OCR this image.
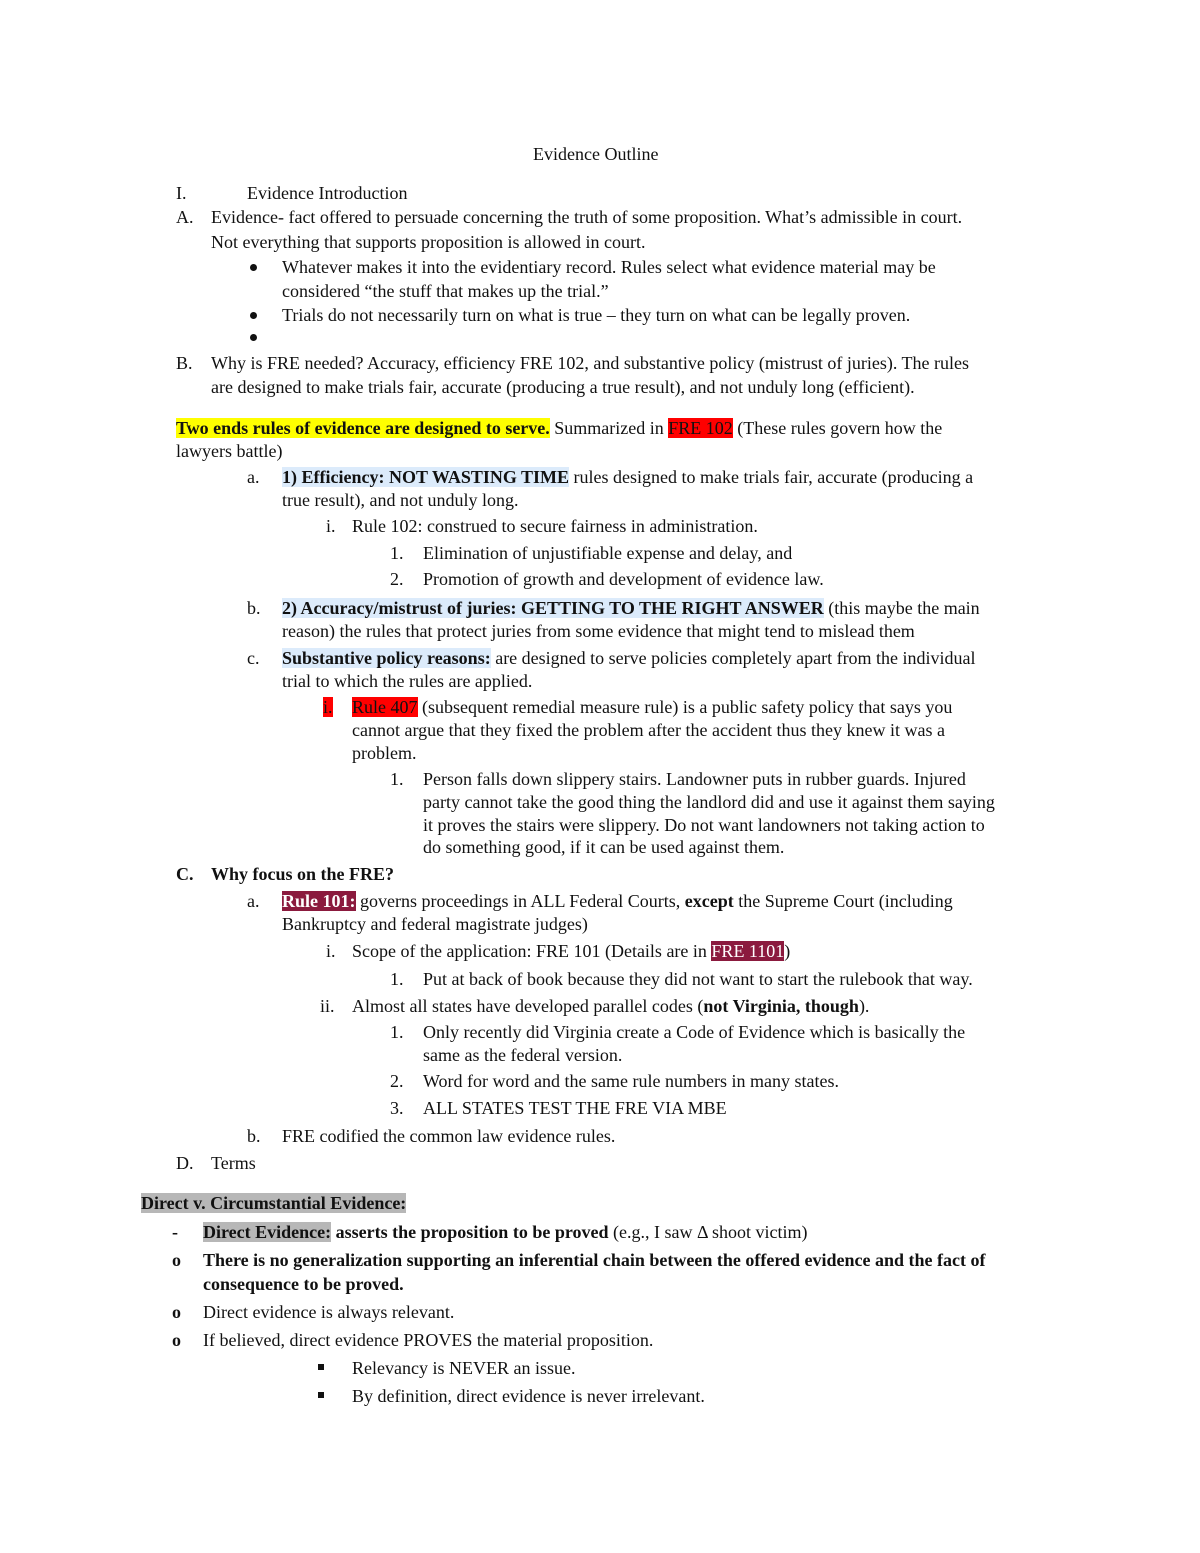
Evidence Outline
I.	Evidence Introduction
A. Evidence- fact offered to persuade concerning the truth of some proposition. What’s admissible in court.
Not everything that supports proposition is allowed in court.
Whatever makes it into the evidentiary record. Rules select what evidence material may be
considered “the stuff that makes up the trial.”
Trials do not necessarily turn on what is true – they turn on what can be legally proven.
B. Why is FRE needed? Accuracy, efficiency FRE 102, and substantive policy (mistrust of juries). The rules
are designed to make trials fair, accurate (producing a true result), and not unduly long (efficient).
Two ends rules of evidence are designed to serve. Summarized in FRE 102 (These rules govern how the
lawyers battle)
a. 1) Efficiency: NOT WASTING TIME rules designed to make trials fair, accurate (producing a
true result), and not unduly long.
i. Rule 102: construed to secure fairness in administration.
1. Elimination of unjustifiable expense and delay, and
2. Promotion of growth and development of evidence law.
b. 2) Accuracy/mistrust of juries: GETTING TO THE RIGHT ANSWER (this maybe the main
reason) the rules that protect juries from some evidence that might tend to mislead them
c. Substantive policy reasons: are designed to serve policies completely apart from the individual
trial to which the rules are applied.
i. Rule 407 (subsequent remedial measure rule) is a public safety policy that says you
cannot argue that they fixed the problem after the accident thus they knew it was a
problem.
1. Person falls down slippery stairs. Landowner puts in rubber guards. Injured
party cannot take the good thing the landlord did and use it against them saying
it proves the stairs were slippery. Do not want landowners not taking action to
do something good, if it can be used against them.
C. Why focus on the FRE?
a. Rule 101: governs proceedings in ALL Federal Courts, except the Supreme Court (including
Bankruptcy and federal magistrate judges)
i. Scope of the application: FRE 101 (Details are in FRE 1101)
1. Put at back of book because they did not want to start the rulebook that way.
ii. Almost all states have developed parallel codes (not Virginia, though).
1. Only recently did Virginia create a Code of Evidence which is basically the
same as the federal version.
2. Word for word and the same rule numbers in many states.
3. ALL STATES TEST THE FRE VIA MBE
b. FRE codified the common law evidence rules.
D. Terms
Direct v. Circumstantial Evidence:
- Direct Evidence: asserts the proposition to be proved (e.g., I saw Δ shoot victim)
o There is no generalization supporting an inferential chain between the offered evidence and the fact of
consequence to be proved.
o Direct evidence is always relevant.
o If believed, direct evidence PROVES the material proposition.
Relevancy is NEVER an issue.
By definition, direct evidence is never irrelevant.
